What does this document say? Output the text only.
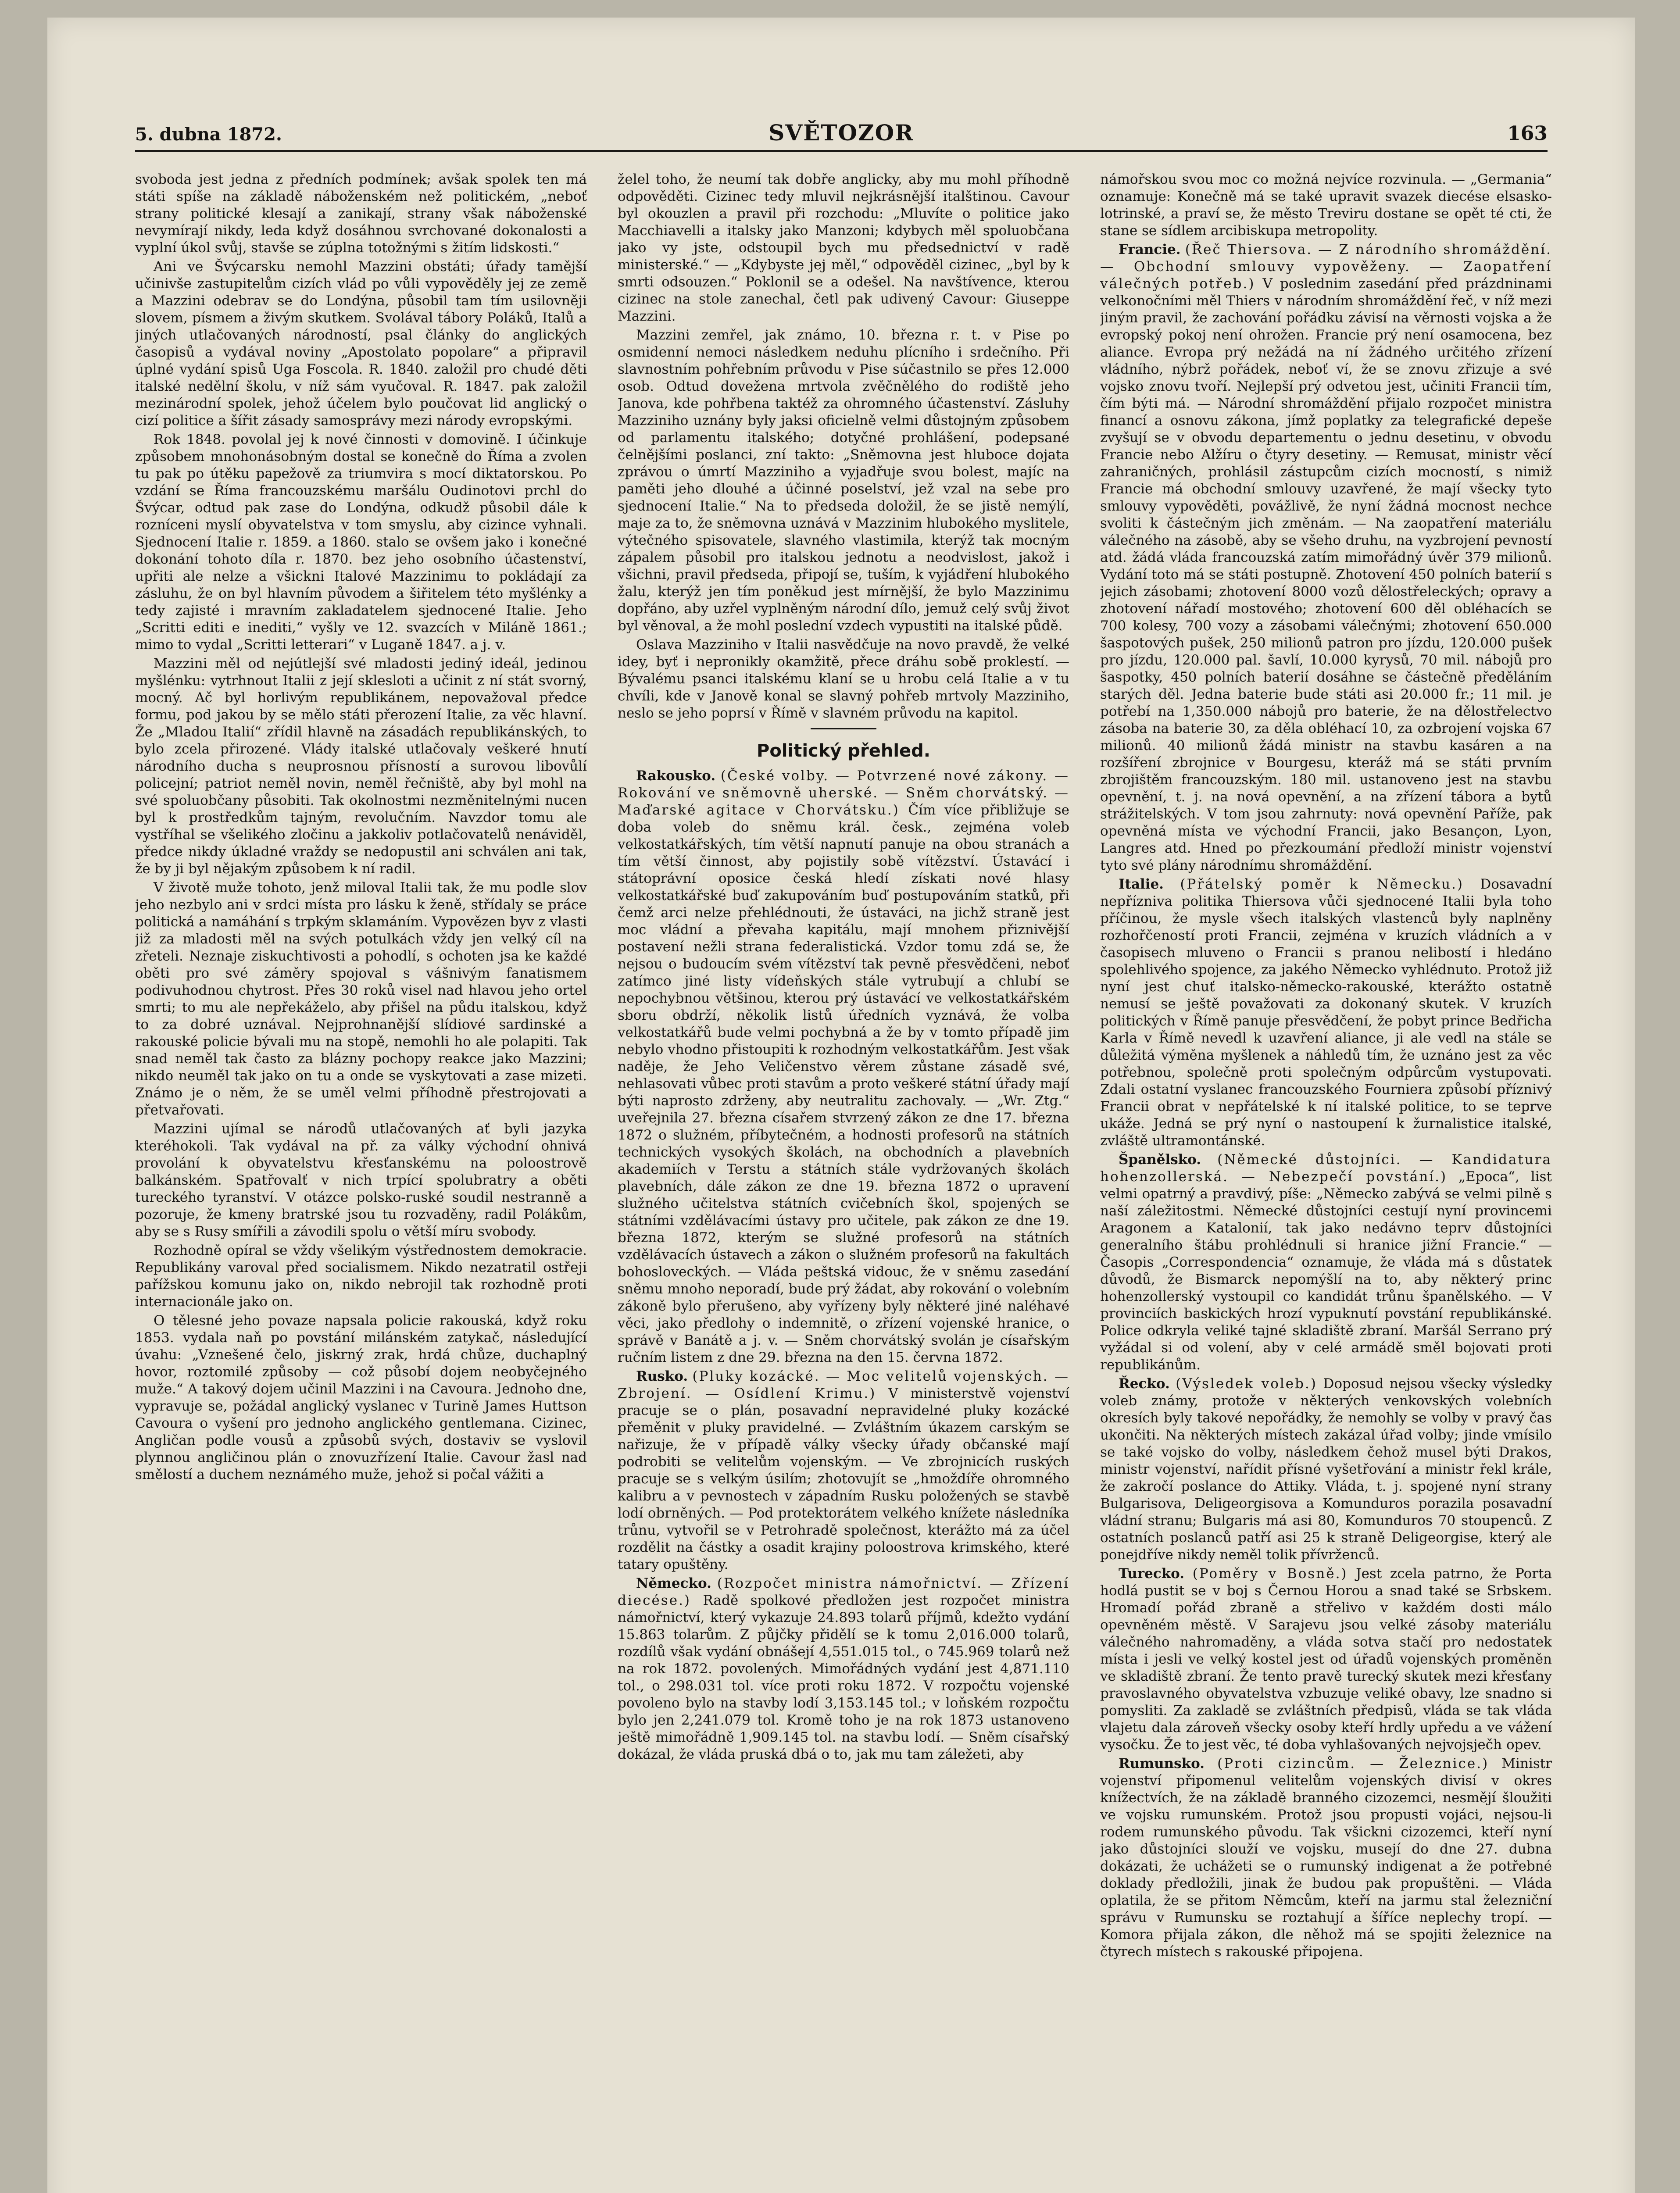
5. dubna 1872.	SVĚTOZOR	163

svoboda jest jedna z předních podmínek; avšak spolek ten má státi spíše na základě náboženském než politickém, „neboť strany politické klesají a zanikají, strany však náboženské nevymírají nikdy, leda když dosáhnou svrchované dokonalosti a vyplní úkol svůj, stavše se zúplna totožnými s žitím lidskosti.“

Ani ve Švýcarsku nemohl Mazzini obstáti; úřady tamější učinivše zastupitelům cizích vlád po vůli vypověděly jej ze země a Mazzini odebrav se do Londýna, působil tam tím usilovněji slovem, písmem a živým skutkem. Svolával tábory Poláků, Italů a jiných utlačovaných národností, psal články do anglických časopisů a vydával noviny „Apostolato popolare“ a připravil úplné vydání spisů Uga Foscola. R. 1840. založil pro chudé děti italské nedělní školu, v níž sám vyučoval. R. 1847. pak založil mezinárodní spolek, jehož účelem bylo poučovat lid anglický o cizí politice a šířit zásady samosprávy mezi národy evropskými.

Rok 1848. povolal jej k nové činnosti v domovině. I účinkuje způsobem mnohonásobným dostal se konečně do Říma a zvolen tu pak po útěku papežově za triumvira s mocí diktatorskou. Po vzdání se Říma francouzskému maršálu Oudinotovi prchl do Švýcar, odtud pak zase do Londýna, odkudž působil dále k rozníceni myslí obyvatelstva v tom smyslu, aby cizince vyhnali. Sjednocení Italie r. 1859. a 1860. stalo se ovšem jako i konečné dokonání tohoto díla r. 1870. bez jeho osobního účastenství, upřiti ale nelze a všickni Italové Mazzinimu to pokládají za zásluhu, že on byl hlavním původem a šiřitelem této myšlénky a tedy zajisté i mravním zakladatelem sjednocené Italie. Jeho „Scritti editi e inediti,“ vyšly ve 12. svazcích v Miláně 1861.; mimo to vydal „Scritti letterari“ v Luganě 1847. a j. v.

Mazzini měl od nejútlejší své mladosti jediný ideál, jedinou myšlénku: vytrhnout Italii z její sklesloti a učinit z ní stát svorný, mocný. Ač byl horlivým republikánem, nepovažoval předce formu, pod jakou by se mělo státi přerození Italie, za věc hlavní. Že „Mladou Italií“ zřídil hlavně na zásadách republikánských, to bylo zcela přirozené. Vlády italské utlačovaly veškeré hnutí národního ducha s neuprosnou přísností a surovou libovůlí policejní; patriot neměl novin, neměl řečniště, aby byl mohl na své spoluobčany působiti. Tak okolnostmi nezměnitelnými nucen byl k prostředkům tajným, revolučním. Navzdor tomu ale vystříhal se všelikého zločinu a jakkoliv potlačovatelů nenáviděl, předce nikdy úkladné vraždy se nedopustil ani schválen ani tak, že by ji byl nějakým způsobem k ní radil.

V životě muže tohoto, jenž miloval Italii tak, že mu podle slov jeho nezbylo ani v srdci místa pro lásku k ženě, střídaly se práce politická a namáhání s trpkým sklamáním. Vypovězen byv z vlasti již za mladosti měl na svých potulkách vždy jen velký cíl na zřeteli. Neznaje ziskuchtivosti a pohodlí, s ochoten jsa ke každé oběti pro své záměry spojoval s vášnivým fanatismem podivuhodnou chytrost. Přes 30 roků visel nad hlavou jeho ortel smrti; to mu ale nepřekáželo, aby přišel na půdu italskou, když to za dobré uznával. Nejprohnanější slídiové sardinské a rakouské policie bývali mu na stopě, nemohli ho ale polapiti. Tak snad neměl tak často za blázny pochopy reakce jako Mazzini; nikdo neuměl tak jako on tu a onde se vyskytovati a zase mizeti. Známo je o něm, že se uměl velmi příhodně přestrojovati a přetvařovati.

Mazzini ujímal se národů utlačovaných ať byli jazyka kteréhokoli. Tak vydával na př. za války východní ohnivá provolání k obyvatelstvu křesťanskému na poloostrově balkánském. Spatřovalť v nich trpící spolubratry a oběti tureckého tyranství. V otázce polsko-ruské soudil nestranně a pozoruje, že kmeny bratrské jsou tu rozvaděny, radil Polákům, aby se s Rusy smířili a závodili spolu o větší míru svobody.

Rozhodně opíral se vždy všelikým výstřednostem demokracie. Republikány varoval před socialismem. Nikdo nezatratil ostřeji pařížskou komunu jako on, nikdo nebrojil tak rozhodně proti internacionále jako on.

O tělesné jeho povaze napsala policie rakouská, když roku 1853. vydala naň po povstání milánském zatykač, následující úvahu: „Vznešené čelo, jiskrný zrak, hrdá chůze, duchaplný hovor, roztomilé způsoby — což působí dojem neobyčejného muže.“ A takový dojem učinil Mazzini i na Cavoura. Jednoho dne, vypravuje se, požádal anglický vyslanec v Turině James Huttson Cavoura o vyšení pro jednoho anglického gentlemana. Cizinec, Angličan podle vousů a způsobů svých, dostaviv se vyslovil plynnou angličinou plán o znovuzřízení Italie. Cavour žasl nad smělostí a duchem neznámého muže, jehož si počal vážiti a

želel toho, že neumí tak dobře anglicky, aby mu mohl příhodně odpověděti. Cizinec tedy mluvil nejkrásnější italštinou. Cavour byl okouzlen a pravil při rozchodu: „Mluvíte o politice jako Macchiavelli a italsky jako Manzoni; kdybych měl spoluobčana jako vy jste, odstoupil bych mu předsednictví v radě ministerské.“ — „Kdybyste jej měl,“ odpověděl cizinec, „byl by k smrti odsouzen.“ Poklonil se a odešel. Na navštívence, kterou cizinec na stole zanechal, četl pak udivený Cavour: Giuseppe Mazzini.

Mazzini zemřel, jak známo, 10. března r. t. v Pise po osmidenní nemoci následkem neduhu plícního i srdečního. Při slavnostním pohřebním průvodu v Pise súčastnilo se přes 12.000 osob. Odtud dovežena mrtvola zvěčnělého do rodiště jeho Janova, kde pohřbena taktéž za ohromného účastenství. Zásluhy Mazziniho uznány byly jaksi oficielně velmi důstojným způsobem od parlamentu italského; dotyčné prohlášení, podepsané čelnějšími poslanci, zní takto: „Sněmovna jest hluboce dojata zprávou o úmrtí Mazziniho a vyjadřuje svou bolest, majíc na paměti jeho dlouhé a účinné poselství, jež vzal na sebe pro sjednocení Italie.“ Na to předseda doložil, že se jistě nemýlí, maje za to, že sněmovna uznává v Mazzinim hlubokého myslitele, výtečného spisovatele, slavného vlastimila, kterýž tak mocným zápalem působil pro italskou jednotu a neodvislost, jakož i všichni, pravil předseda, připojí se, tuším, k vyjádření hlubokého žalu, kterýž jen tím poněkud jest mírnější, že bylo Mazzinimu dopřáno, aby uzřel vyplněným národní dílo, jemuž celý svůj život byl věnoval, a že mohl poslední vzdech vypustiti na italské půdě.

Oslava Mazziniho v Italii nasvědčuje na novo pravdě, že velké idey, byť i nepronikly okamžitě, přece dráhu sobě proklestí. — Bývalému psanci italskému klaní se u hrobu celá Italie a v tu chvíli, kde v Janově konal se slavný pohřeb mrtvoly Mazziniho, neslo se jeho poprsí v Římě v slavném průvodu na kapitol.

Politický přehled.

Rakousko. (České volby. — Potvrzené nové zákony. — Rokování ve sněmovně uherské. — Sněm chorvátský. — Maďarské agitace v Chorvátsku.) Čím více přibližuje se doba voleb do sněmu král. česk., zejména voleb velkostatkářských, tím větší napnutí panuje na obou stranách a tím větší činnost, aby pojistily sobě vítězství. Ústavácí i státoprávní oposice česká hledí získati nové hlasy velkostatkářské buď zakupováním buď postupováním statků, při čemž arci nelze přehlédnouti, že ústaváci, na jichž straně jest moc vládní a převaha kapitálu, mají mnohem přiznivější postavení nežli strana federalistická. Vzdor tomu zdá se, že nejsou o budoucím svém vítězství tak pevně přesvědčeni, neboť zatímco jiné listy vídeňských stále vytrubují a chlubí se nepochybnou většinou, kterou prý ústavácí ve velkostatkářském sboru obdrží, několik listů úředních vyznává, že volba velkostatkářů bude velmi pochybná a že by v tomto případě jim nebylo vhodno přistoupiti k rozhodným velkostatkářům. Jest však naděje, že Jeho Veličenstvo věrem zůstane zásadě své, nehlasovati vůbec proti stavům a proto veškeré státní úřady mají býti naprosto zdrženy, aby neutralitu zachovaly. — „Wr. Ztg.“ uveřejnila 27. března císařem stvrzený zákon ze dne 17. března 1872 o služném, příbytečném, a hodnosti profesorů na státních technických vysokých školách, na obchodních a plavebních akademiích v Terstu a státních stále vydržovaných školách plavebních, dále zákon ze dne 19. března 1872 o upravení služného učitelstva státních cvičebních škol, spojených se státními vzdělávacími ústavy pro učitele, pak zákon ze dne 19. března 1872, kterým se služné profesorů na státních vzdělávacích ústavech a zákon o služném profesorů na fakultách bohosloveckých. — Vláda peštská vidouc, že v sněmu zasedání sněmu mnoho neporadí, bude prý žádat, aby rokování o volebním zákoně bylo přerušeno, aby vyřízeny byly některé jiné naléhavé věci, jako předlohy o indemnitě, o zřízení vojenské hranice, o správě v Banátě a j. v. — Sněm chorvátský svolán je císařským ručním listem z dne 29. března na den 15. června 1872.

Rusko. (Pluky kozácké. — Moc velitelů vojenských. — Zbrojení. — Osídlení Krimu.) V ministerstvě vojenství pracuje se o plán, posavadní nepravidelné pluky kozácké přeměnit v pluky pravidelné. — Zvláštním úkazem carským se nařizuje, že v případě války všecky úřady občanské mají podrobiti se velitelům vojenským. — Ve zbrojnicích ruských pracuje se s velkým úsilím; zhotovujít se „hmoždíře ohromného kalibru a v pevnostech v západním Rusku položených se stavbě lodí obrněných. — Pod protektorátem velkého knížete následníka trůnu, vytvořil se v Petrohradě společnost, kterážto má za účel rozdělit na částky a osadit krajiny poloostrova krimského, které tatary opuštěny.

Německo. (Rozpočet ministra námořnictví. — Zřízení diecése.) Radě spolkové předložen jest rozpočet ministra námořnictví, který vykazuje 24.893 tolarů příjmů, kdežto vydání 15.863 tolarům. Z půjčky přidělí se k tomu 2,016.000 tolarů, rozdílů však vydání obnášejí 4,551.015 tol., o 745.969 tolarů než na rok 1872. povolených. Mimořádných vydání jest 4,871.110 tol., o 298.031 tol. více proti roku 1872. V rozpočtu vojenské povoleno bylo na stavby lodí 3,153.145 tol.; v loňském rozpočtu bylo jen 2,241.079 tol. Kromě toho je na rok 1873 ustanoveno ještě mimořádně 1,909.145 tol. na stavbu lodí. — Sněm císařský dokázal, že vláda pruská dbá o to, jak mu tam záležeti, aby

námořskou svou moc co možná nejvíce rozvinula. — „Germania“ oznamuje: Konečně má se také upravit svazek diecése elsasko-lotrinské, a praví se, že město Treviru dostane se opět té cti, že stane se sídlem arcibiskupa metropolity.

Francie. (Řeč Thiersova. — Z národního shromáždění. — Obchodní smlouvy vypověženy. — Zaopatření válečných potřeb.) V poslednim zasedání před prázdninami velkonočními měl Thiers v národním shromáždění řeč, v níž mezi jiným pravil, že zachování pořádku závisí na věrnosti vojska a že evropský pokoj není ohrožen. Francie prý není osamocena, bez aliance. Evropa prý nežádá na ní žádného určitého zřízení vládního, nýbrž pořádek, neboť ví, že se znovu zřizuje a své vojsko znovu tvoří. Nejlepší prý odvetou jest, učiniti Francii tím, čím býti má. — Národní shromáždění přijalo rozpočet ministra financí a osnovu zákona, jímž poplatky za telegrafické depeše zvyšují se v obvodu departementu o jednu desetinu, v obvodu Francie nebo Alžíru o čtyry desetiny. — Remusat, ministr věcí zahraničných, prohlásil zástupcům cizích mocností, s nimiž Francie má obchodní smlouvy uzavřené, že mají všecky tyto smlouvy vypověděti, povážlivě, že nyní žádná mocnost nechce svoliti k částečným jich změnám. — Na zaopatření materiálu válečného na zásobě, aby se všeho druhu, na vyzbrojení pevností atd. žádá vláda francouzská zatím mimořádný úvěr 379 milionů. Vydání toto má se státi postupně. Zhotovení 450 polních baterií s jejich zásobami; zhotovení 8000 vozů dělostřeleckých; opravy a zhotovení nářadí mostového; zhotovení 600 děl obléhacích se 700 kolesy, 700 vozy a zásobami válečnými; zhotovení 650.000 šaspotových pušek, 250 milionů patron pro jízdu, 120.000 pušek pro jízdu, 120.000 pal. šavlí, 10.000 kyrysů, 70 mil. nábojů pro šaspotky, 450 polních baterií dosáhne se částečně předěláním starých děl. Jedna baterie bude státi asi 20.000 fr.; 11 mil. je potřebí na 1,350.000 nábojů pro baterie, že na dělostřelectvo zásoba na baterie 30, za děla obléhací 10, za ozbrojení vojska 67 milionů. 40 milionů žádá ministr na stavbu kasáren a na rozšíření zbrojnice v Bourgesu, kteráž má se státi prvním zbrojištěm francouzským. 180 mil. ustanoveno jest na stavbu opevnění, t. j. na nová opevnění, a na zřízení tábora a bytů strážitelských. V tom jsou zahrnuty: nová opevnění Paříže, pak opevněná místa ve východní Francii, jako Besançon, Lyon, Langres atd. Hned po přezkoumání předloží ministr vojenství tyto své plány národnímu shromáždění.

Italie. (Přátelský poměr k Německu.) Dosavadní nepřízniva politika Thiersova vůči sjednocené Italii byla toho příčinou, že mysle všech italských vlastenců byly naplněny rozhořčeností proti Francii, zejména v kruzích vládních a v časopisech mluveno o Francii s pranou nelibostí i hledáno spolehlivého spojence, za jakého Německo vyhlédnuto. Protož již nyní jest chuť italsko-německo-rakouské, kterážto ostatně nemusí se ještě považovati za dokonaný skutek. V kruzích politických v Římě panuje přesvědčení, že pobyt prince Bedřicha Karla v Římě nevedl k uzavření aliance, ji ale vedl na stále se důležitá výměna myšlenek a náhledů tím, že uznáno jest za věc potřebnou, společně proti společným odpůrcům vystupovati. Zdali ostatní vyslanec francouzského Fourniera způsobí příznivý Francii obrat v nepřátelské k ní italské politice, to se teprve ukáže. Jedná se prý nyní o nastoupení k žurnalistice italské, zvláště ultramontánské.

Španělsko. (Německé důstojníci. — Kandidatura hohenzollerská. — Nebezpečí povstání.) „Epoca“, list velmi opatrný a pravdivý, píše: „Německo zabývá se velmi pilně s naší záležitostmi. Německé důstojníci cestují nyní provincemi Aragonem a Katalonií, tak jako nedávno teprv důstojníci generalního štábu prohlédnuli si hranice jižní Francie.“ — Časopis „Correspondencia“ oznamuje, že vláda má s důstatek důvodů, že Bismarck nepomýšlí na to, aby některý princ hohenzollerský vystoupil co kandidát trůnu španělského. — V provinciích baskických hrozí vypuknutí povstání republikánské. Police odkryla veliké tajné skladiště zbraní. Maršál Serrano prý vyžádal si od volení, aby v celé armádě směl bojovati proti republikánům.

Řecko. (Výsledek voleb.) Doposud nejsou všecky výsledky voleb známy, protože v některých venkovských volebních okresích byly takové nepořádky, že nemohly se volby v pravý čas ukončiti. Na některých místech zakázal úřad volby; jinde vmísilo se také vojsko do volby, následkem čehož musel býti Drakos, ministr vojenství, nařídit přísné vyšetřování a ministr řekl krále, že zakročí poslance do Attiky. Vláda, t. j. spojené nyní strany Bulgarisova, Deligeorgisova a Komunduros porazila posavadní vládní stranu; Bulgaris má asi 80, Komunduros 70 stoupenců. Z ostatních poslanců patří asi 25 k straně Deligeorgise, který ale ponejdříve nikdy neměl tolik přívrženců.

Turecko. (Poměry v Bosně.) Jest zcela patrno, že Porta hodlá pustit se v boj s Černou Horou a snad také se Srbskem. Hromadí pořád zbraně a střelivo v každém dosti málo opevněném městě. V Sarajevu jsou velké zásoby materiálu válečného nahromaděny, a vláda sotva stačí pro nedostatek místa i jesli ve velký kostel jest od úřadů vojenských proměněn ve skladiště zbraní. Že tento pravě turecký skutek mezi křesťany pravoslavného obyvatelstva vzbuzuje veliké obavy, lze snadno si pomysliti. Za zakladě se zvláštních předpisů, vláda se tak vláda vlajetu dala zároveň všecky osoby kteří hrdly upředu a ve vážení vysočku. Že to jest věc, té doba vyhlašovaných nejvojsječh opev.

Rumunsko. (Proti cizincům. — Železnice.) Ministr vojenství připomenul velitelům vojenských divisí v okres knížectvích, že na základě branného cizozemci, nesmějí šloužiti ve vojsku rumunském. Protož jsou propusti vojáci, nejsou-li rodem rumunského původu. Tak všickni cizozemci, kteří nyní jako důstojníci slouží ve vojsku, musejí do dne 27. dubna dokázati, že uchážeti se o rumunský indigenat a že potřebné doklady předložili, jinak že budou pak propuštěni. — Vláda oplatila, že se přitom Němcům, kteří na jarmu stal železniční správu v Rumunsku se roztahují a šíříce neplechy tropí. — Komora přijala zákon, dle něhož má se spojiti železnice na čtyrech místech s rakouské připojena.
